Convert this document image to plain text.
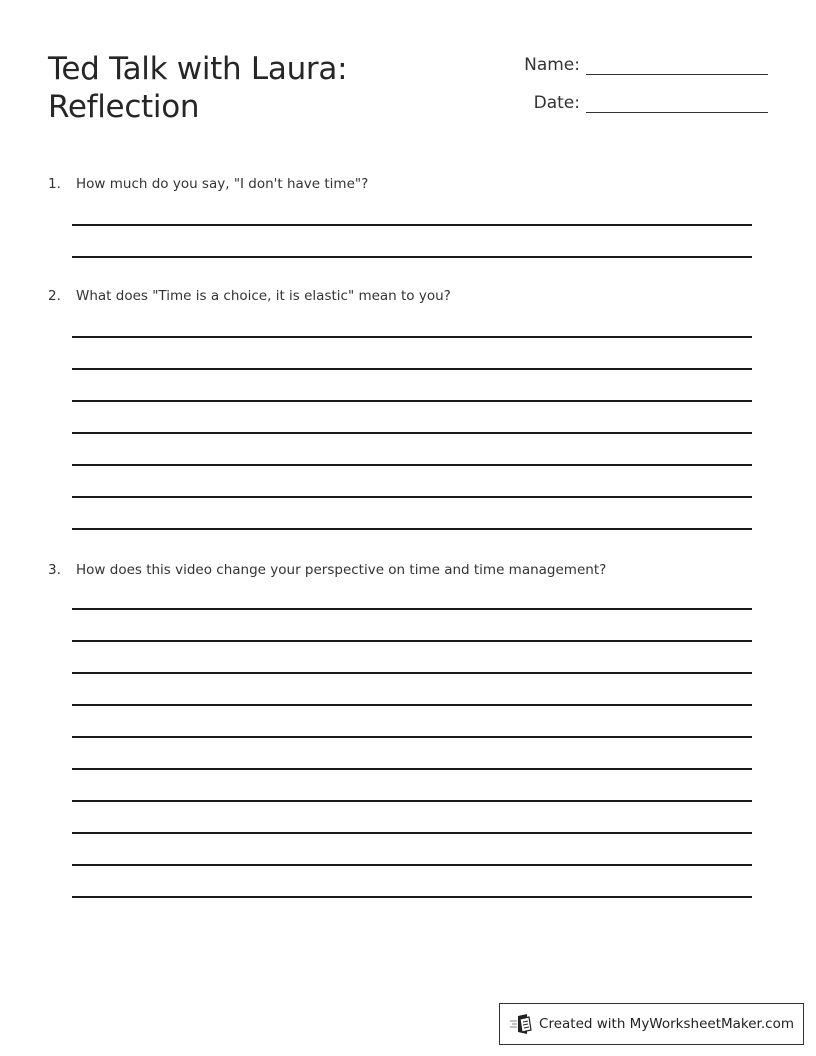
Ted Talk with Laura:
Reflection
Name:
Date:
1.	How much do you say, "I don't have time"?
2.	What does "Time is a choice, it is elastic" mean to you?
3.	How does this video change your perspective on time and time management?
Created with MyWorksheetMaker.com
